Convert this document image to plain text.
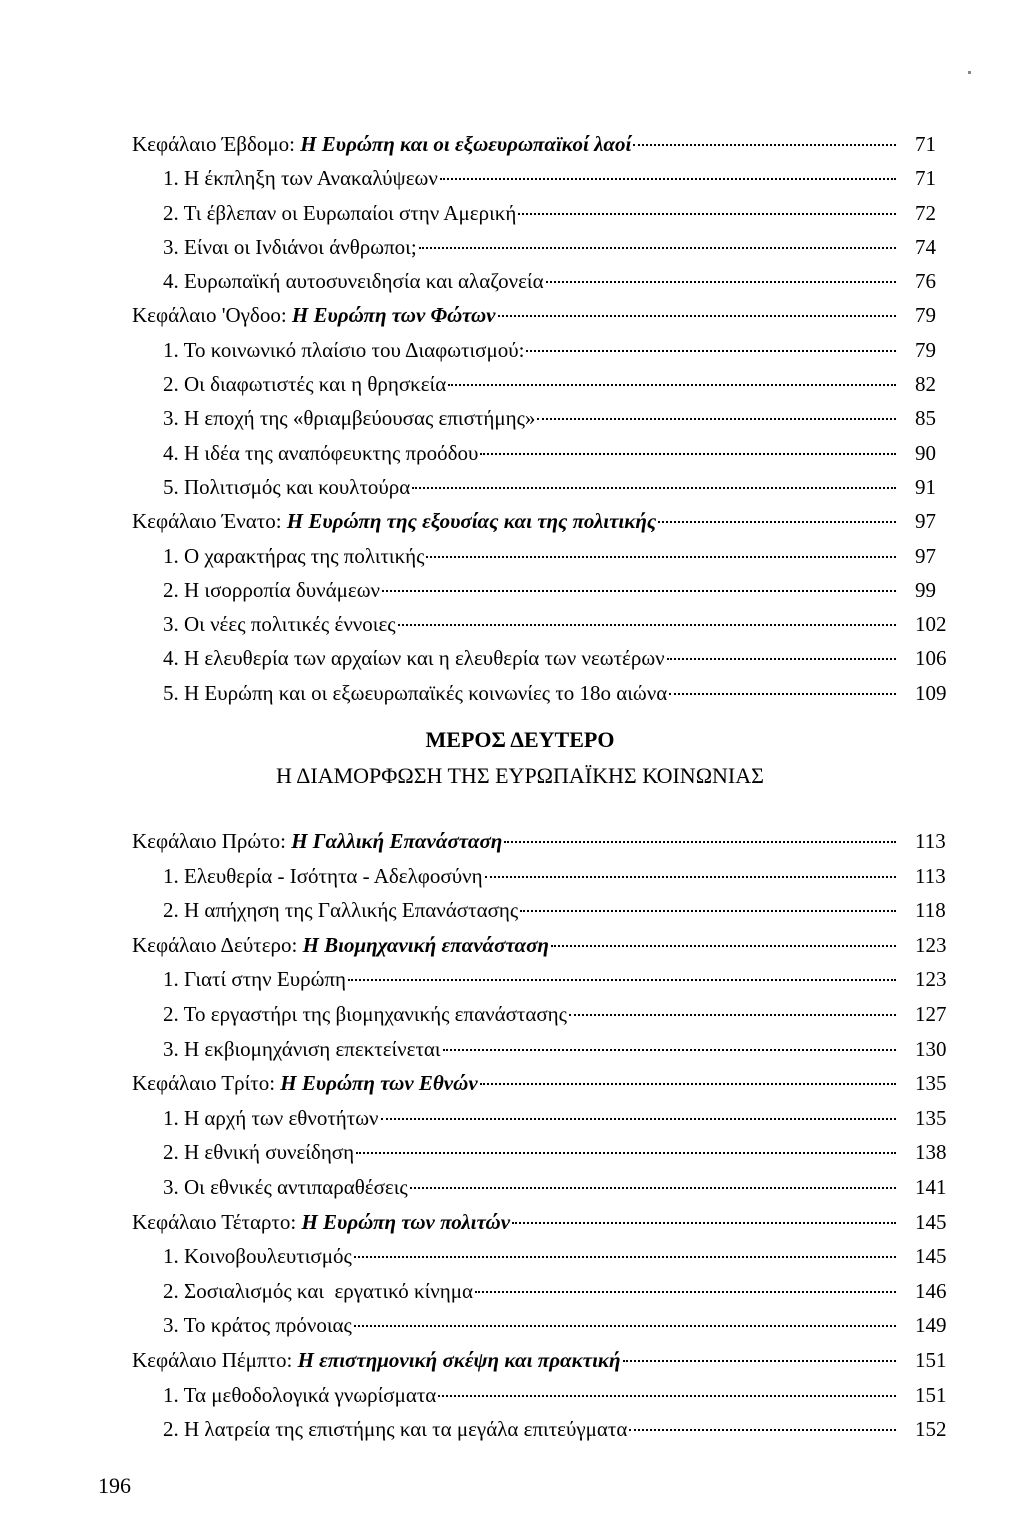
Κεφάλαιο Έβδομο: Η Ευρώπη και οι εξωευρωπαϊκοί λαοί	71
1. Η έκπληξη των Ανακαλύψεων	71
2. Τι έβλεπαν οι Ευρωπαίοι στην Αμερική	72
3. Είναι οι Ινδιάνοι άνθρωποι;	74
4. Ευρωπαϊκή αυτοσυνειδησία και αλαζονεία	76
Κεφάλαιο 'Ογδοο: Η Ευρώπη των Φώτων	79
1. Το κοινωνικό πλαίσιο του Διαφωτισμού:	79
2. Οι διαφωτιστές και η θρησκεία	82
3. Η εποχή της «θριαμβεύουσας επιστήμης»	85
4. Η ιδέα της αναπόφευκτης προόδου	90
5. Πολιτισμός και κουλτούρα	91
Κεφάλαιο Ένατο: Η Ευρώπη της εξουσίας και της πολιτικής	97
1. Ο χαρακτήρας της πολιτικής	97
2. Η ισορροπία δυνάμεων	99
3. Οι νέες πολιτικές έννοιες	102
4. Η ελευθερία των αρχαίων και η ελευθερία των νεωτέρων	106
5. Η Ευρώπη και οι εξωευρωπαϊκές κοινωνίες το 18ο αιώνα	109
ΜΕΡΟΣ ΔΕΥΤΕΡΟ
Η ΔΙΑΜΟΡΦΩΣΗ ΤΗΣ ΕΥΡΩΠΑΪΚΗΣ ΚΟΙΝΩΝΙΑΣ
Κεφάλαιο Πρώτο: Η Γαλλική Επανάσταση	113
1. Ελευθερία - Ισότητα - Αδελφοσύνη	113
2. Η απήχηση της Γαλλικής Επανάστασης	118
Κεφάλαιο Δεύτερο: Η Βιομηχανική επανάσταση	123
1. Γιατί στην Ευρώπη	123
2. Το εργαστήρι της βιομηχανικής επανάστασης	127
3. Η εκβιομηχάνιση επεκτείνεται	130
Κεφάλαιο Τρίτο: Η Ευρώπη των Εθνών	135
1. Η αρχή των εθνοτήτων	135
2. Η εθνική συνείδηση	138
3. Οι εθνικές αντιπαραθέσεις	141
Κεφάλαιο Τέταρτο: Η Ευρώπη των πολιτών	145
1. Κοινοβουλευτισμός	145
2. Σοσιαλισμός και  εργατικό κίνημα	146
3. Το κράτος πρόνοιας	149
Κεφάλαιο Πέμπτο: Η επιστημονική σκέψη και πρακτική	151
1. Τα μεθοδολογικά γνωρίσματα	151
2. Η λατρεία της επιστήμης και τα μεγάλα επιτεύγματα	152
196
